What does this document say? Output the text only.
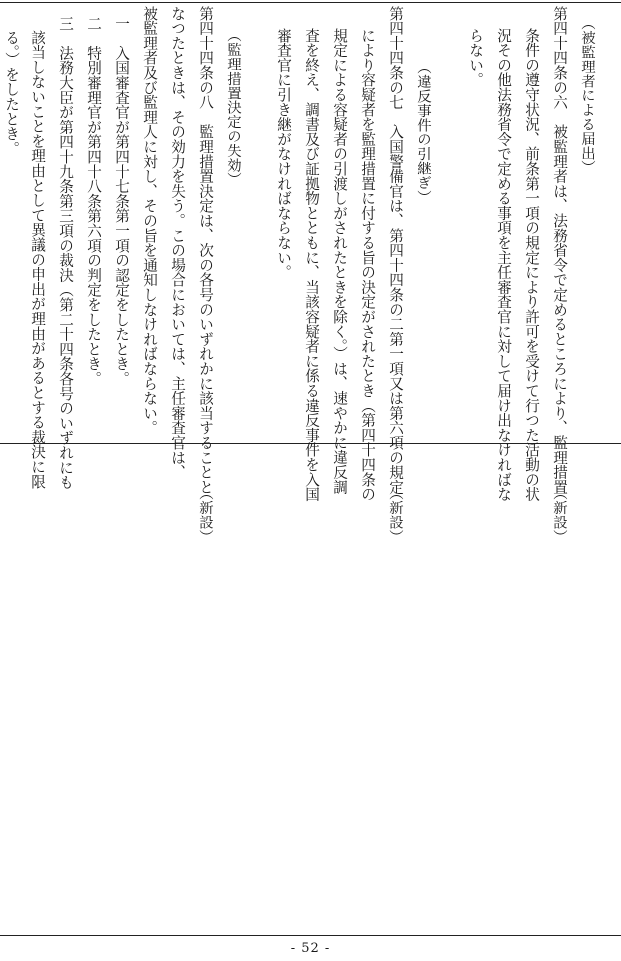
（被監理者による届出）
第四十四条の六　被監理者は、法務省令で定めるところにより、監理措置
条件の遵守状況、前条第一項の規定により許可を受けて行つた活動の状
況その他法務省令で定める事項を主任審査官に対して届け出なければな
らない。
（新設）
（違反事件の引継ぎ）
第四十四条の七　入国警備官は、第四十四条の二第一項又は第六項の規定
により容疑者を監理措置に付する旨の決定がされたとき（第四十四条の
規定による容疑者の引渡しがされたときを除く。）は、速やかに違反調
査を終え、調書及び証拠物とともに、当該容疑者に係る違反事件を入国
審査官に引き継がなければならない。
（新設）
（監理措置決定の失効）
第四十四条の八　監理措置決定は、次の各号のいずれかに該当することと
なつたときは、その効力を失う。この場合においては、主任審査官は、
被監理者及び監理人に対し、その旨を通知しなければならない。
一　入国審査官が第四十七条第一項の認定をしたとき。
二　特別審理官が第四十八条第六項の判定をしたとき。
三　法務大臣が第四十九条第三項の裁決（第二十四条各号のいずれにも
該当しないことを理由として異議の申出が理由があるとする裁決に限
る。）をしたとき。
（新設）
- 52 -
